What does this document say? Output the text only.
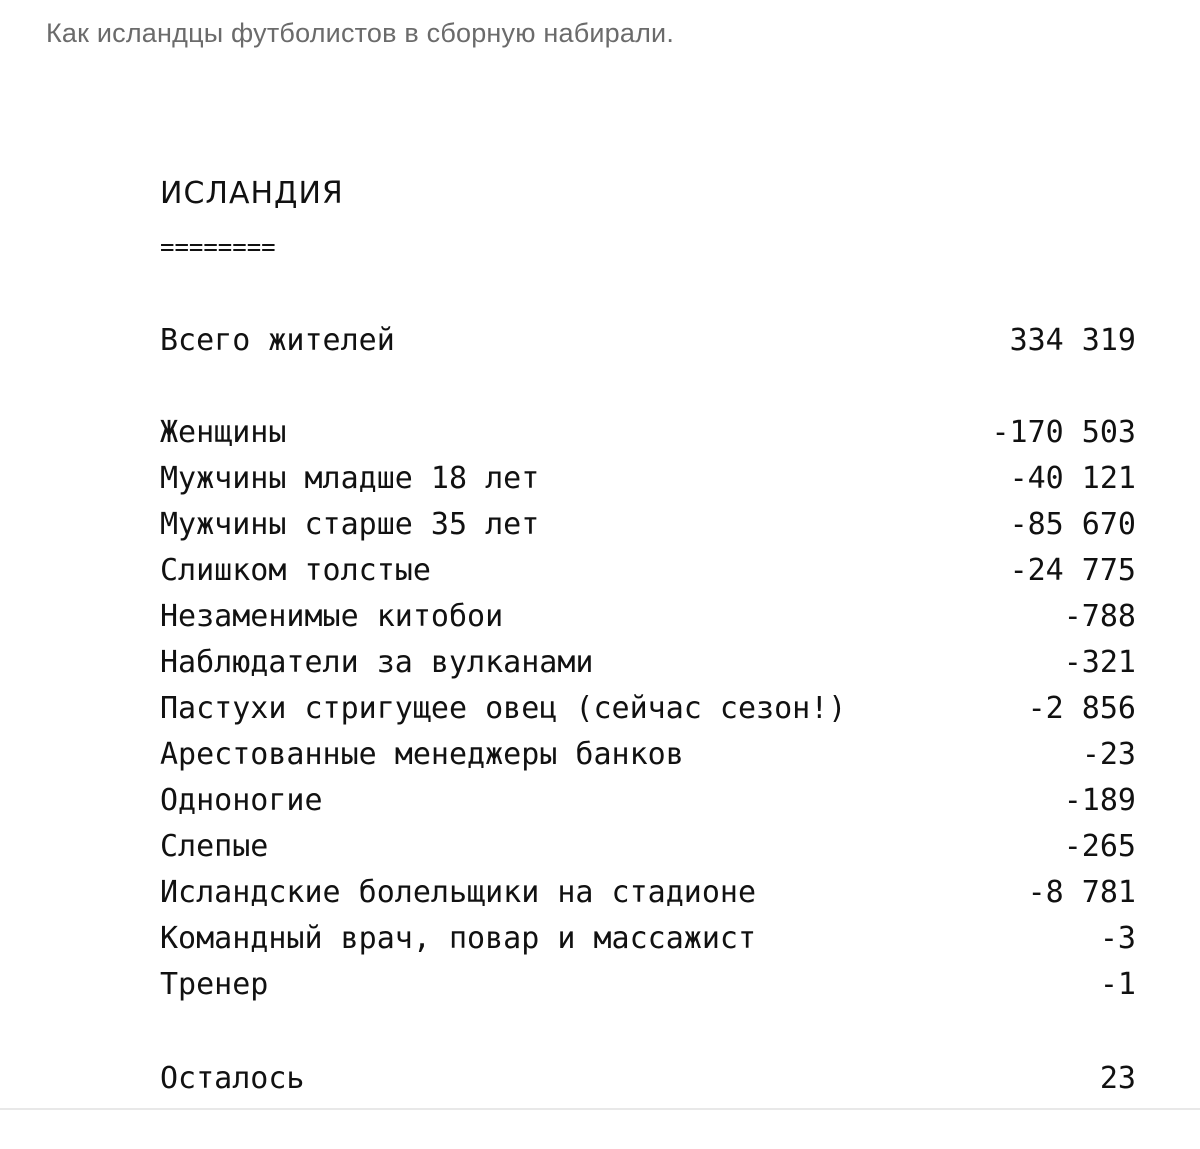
Как исландцы футболистов в сборную набирали.
ИСЛАНДИЯ
========
Всего жителей	334 319
Женщины	-170 503
Мужчины младше 18 лет	-40 121
Мужчины старше 35 лет	-85 670
Слишком толстые	-24 775
Незаменимые китобои	-788
Наблюдатели за вулканами	-321
Пастухи стригущее овец (сейчас сезон!)	-2 856
Арестованные менеджеры банков	-23
Одноногие	-189
Слепые	-265
Исландские болельщики на стадионе	-8 781
Командный врач, повар и массажист	-3
Тренер	-1
Осталось	23
